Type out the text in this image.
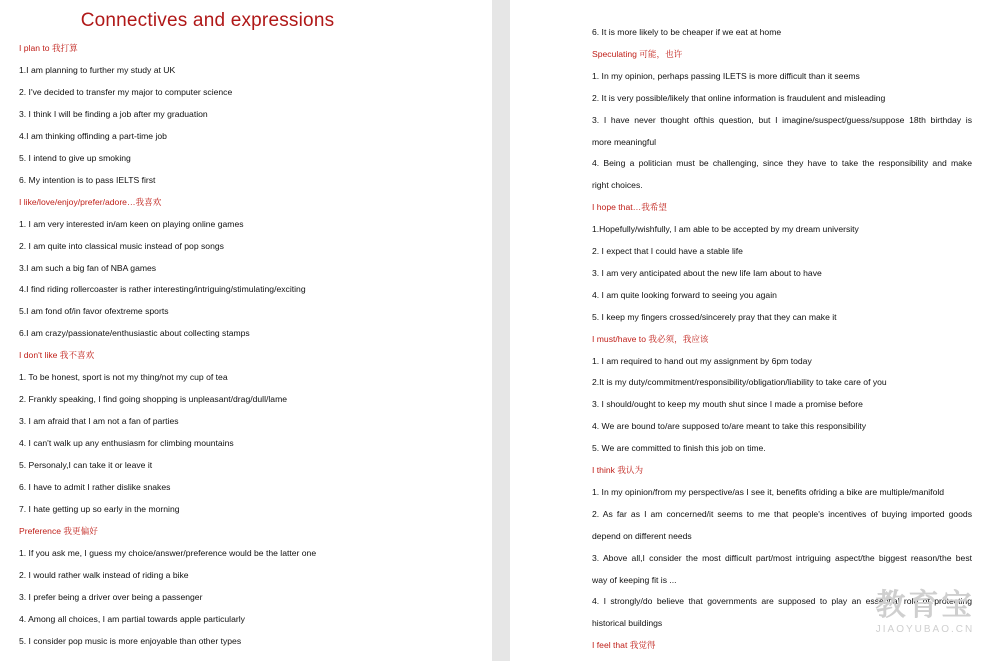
Connectives and expressions
I plan to 我打算
1.I am planning to further my study at UK
2. I've decided to transfer my major to computer science
3. I think I will be finding a job after my graduation
4.I am thinking offinding a part-time job
5. I intend to give up smoking
6. My intention is to pass IELTS first
I like/love/enjoy/prefer/adore…我喜欢
1. I am very interested in/am keen on playing online games
2. I am quite into classical music instead of pop songs
3.I am such a big fan of NBA games
4.I find riding rollercoaster is rather interesting/intriguing/stimulating/exciting
5.I am fond of/in favor ofextreme sports
6.I am crazy/passionate/enthusiastic about collecting stamps
I don't like 我不喜欢
1. To be honest, sport is not my thing/not my cup of tea
2. Frankly speaking, I find going shopping is unpleasant/drag/dull/lame
3. I am afraid that I am not a fan of parties
4. I can't walk up any enthusiasm for climbing mountains
5. Personaly,I can take it or leave it
6. I have to admit I rather dislike snakes
7. I hate getting up so early in the morning
Preference 我更偏好
1. If you ask me, I guess my choice/answer/preference would be the latter one
2. I would rather walk instead of riding a bike
3. I prefer being a driver over being a passenger
4. Among all choices, I am partial towards apple particularly
5. I consider pop music is more enjoyable than other types
6. It is more likely to be cheaper if we eat at home
Speculating 可能，也许
1. In my opinion, perhaps passing ILETS is more difficult than it seems
2. It is very possible/likely that online information is fraudulent and misleading
3. I have never thought ofthis question, but I imagine/suspect/guess/suppose 18th birthday is
more meaningful
4. Being a politician must be challenging, since they have to take the responsibility and make
right choices.
I hope that…我希望
1.Hopefully/wishfully, I am able to be accepted by my dream university
2. I expect that I could have a stable life
3. I am very anticipated about the new life Iam about to have
4. I am quite looking forward to seeing you again
5. I keep my fingers crossed/sincerely pray that they can make it
I must/have to 我必须，我应该
1. I am required to hand out my assignment by 6pm today
2.It is my duty/commitment/responsibility/obligation/liability to take care of you
3. I should/ought to keep my mouth shut since I made a promise before
4. We are bound to/are supposed to/are meant to take this responsibility
5. We are committed to finish this job on time.
I think 我认为
1. In my opinion/from my perspective/as I see it, benefits ofriding a bike are multiple/manifold
2. As far as I am concerned/it seems to me that people's incentives of buying imported goods
depend on different needs
3. Above all,I consider the most difficult part/most intriguing aspect/the biggest reason/the best
way of keeping fit is ...
4. I strongly/do believe that governments are supposed to play an essential role of protecting
historical buildings
I feel that 我觉得
教育宝
JIAOYUBAO.CN
